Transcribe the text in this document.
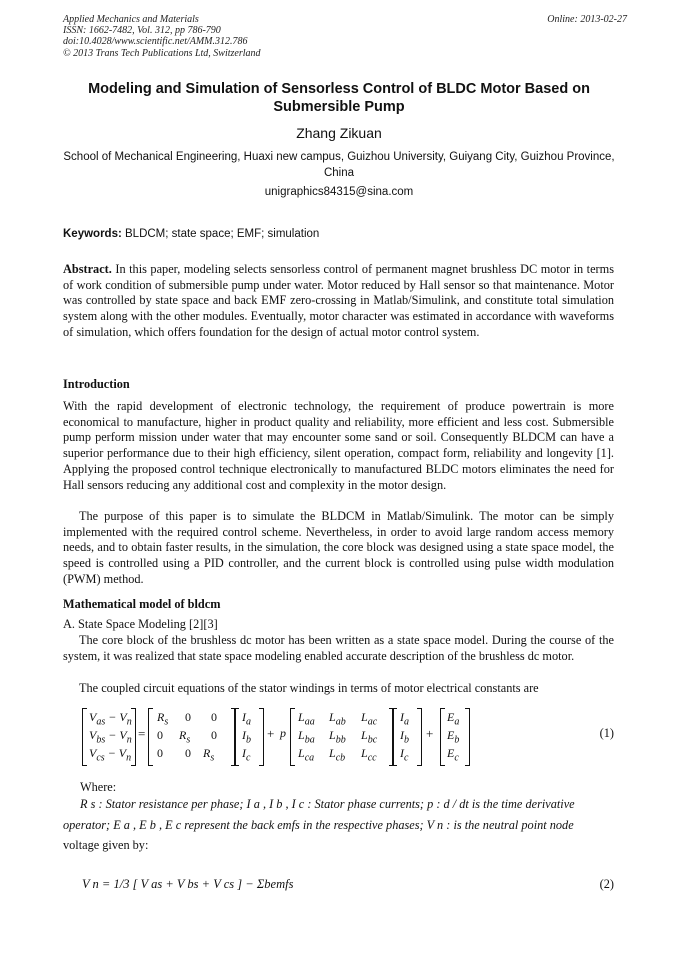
Applied Mechanics and Materials
ISSN: 1662-7482, Vol. 312, pp 786-790
doi:10.4028/www.scientific.net/AMM.312.786
© 2013 Trans Tech Publications Ltd, Switzerland
Online: 2013-02-27
Modeling and Simulation of Sensorless Control of BLDC Motor Based on Submersible Pump
Zhang Zikuan
School of Mechanical Engineering, Huaxi new campus, Guizhou University, Guiyang City, Guizhou Province, China
unigraphics84315@sina.com
Keywords: BLDCM; state space; EMF; simulation
Abstract. In this paper, modeling selects sensorless control of permanent magnet brushless DC motor in terms of work condition of submersible pump under water. Motor reduced by Hall sensor so that maintenance. Motor was controlled by state space and back EMF zero-crossing in Matlab/Simulink, and constitute total simulation system along with the other modules. Eventually, motor character was estimated in accordance with waveforms of simulation, which offers foundation for the design of actual motor control system.
Introduction
With the rapid development of electronic technology, the requirement of produce powertrain is more economical to manufacture, higher in product quality and reliability, more efficient and less cost. Submersible pump perform mission under water that may encounter some sand or soil. Consequently BLDCM can have a superior performance due to their high efficiency, silent operation, compact form, reliability and longevity [1]. Applying the proposed control technique electronically to manufactured BLDC motors eliminates the need for Hall sensors reducing any additional cost and complexity in the motor design.
The purpose of this paper is to simulate the BLDCM in Matlab/Simulink. The motor can be simply implemented with the required control scheme. Nevertheless, in order to avoid large random access memory needs, and to obtain faster results, in the simulation, the core block was designed using a state space model, the speed is controlled using a PID controller, and the current block is controlled using pulse width modulation (PWM) method.
Mathematical model of bldcm
A. State Space Modeling [2][3]
The core block of the brushless dc motor has been written as a state space model. During the course of the system, it was realized that state space modeling enabled accurate description of the brushless dc motor.
The coupled circuit equations of the stator windings in terms of motor electrical constants are
$V_{as} - V_n$
$V_{bs} - V_n$
$V_{cs} - V_n$
=
$R_s$ 0 0
0 $R_s$ 0
0 0 $R_s$
$I_a$
$I_b$
$I_c$
+ p
$L_{aa}$ $L_{ab}$ $L_{ac}$
$L_{ba}$ $L_{bb}$ $L_{bc}$
$L_{ca}$ $L_{cb}$ $L_{cc}$
$I_a$
$I_b$
$I_c$
+
$E_a$
$E_b$
$E_c$
(1)
Where:
R s : Stator resistance per phase; I a , I b , I c : Stator phase currents; p : d / dt is the time derivative
operator; E a , E b , E c represent the back emfs in the respective phases; V n : is the neutral point node
voltage given by:
V n = 1/3 [ V as + V bs + V cs ] − Σbemfs	(2)
